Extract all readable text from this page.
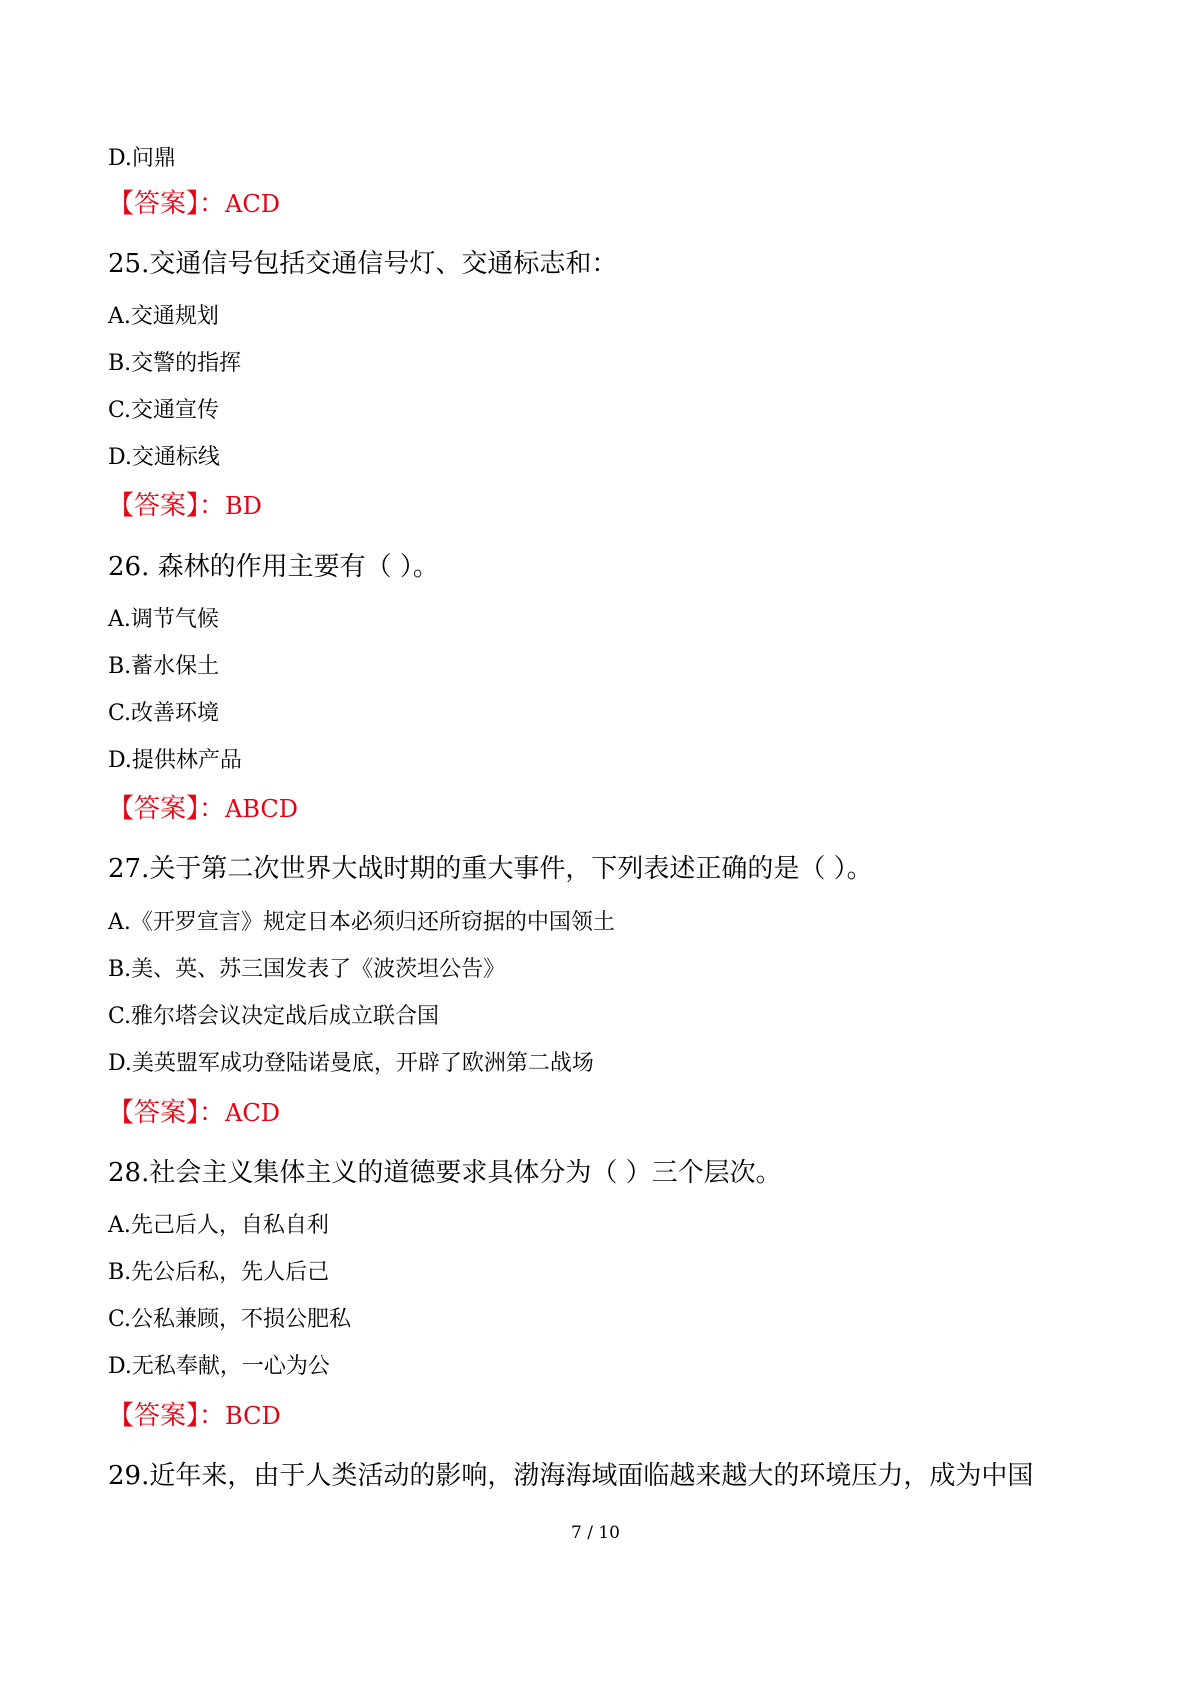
D.问鼎
【答案】：ACD
25.交通信号包括交通信号灯、交通标志和：
A.交通规划
B.交警的指挥
C.交通宣传
D.交通标线
【答案】：BD
26. 森林的作用主要有（ ）。
A.调节气候
B.蓄水保土
C.改善环境
D.提供林产品
【答案】：ABCD
27.关于第二次世界大战时期的重大事件，下列表述正确的是（ ）。
A.《开罗宣言》规定日本必须归还所窃据的中国领土
B.美、英、苏三国发表了《波茨坦公告》
C.雅尔塔会议决定战后成立联合国
D.美英盟军成功登陆诺曼底，开辟了欧洲第二战场
【答案】：ACD
28.社会主义集体主义的道德要求具体分为（ ）三个层次。
A.先己后人，自私自利
B.先公后私，先人后己
C.公私兼顾，不损公肥私
D.无私奉献，一心为公
【答案】：BCD
29.近年来，由于人类活动的影响，渤海海域面临越来越大的环境压力，成为中国
7 / 10
